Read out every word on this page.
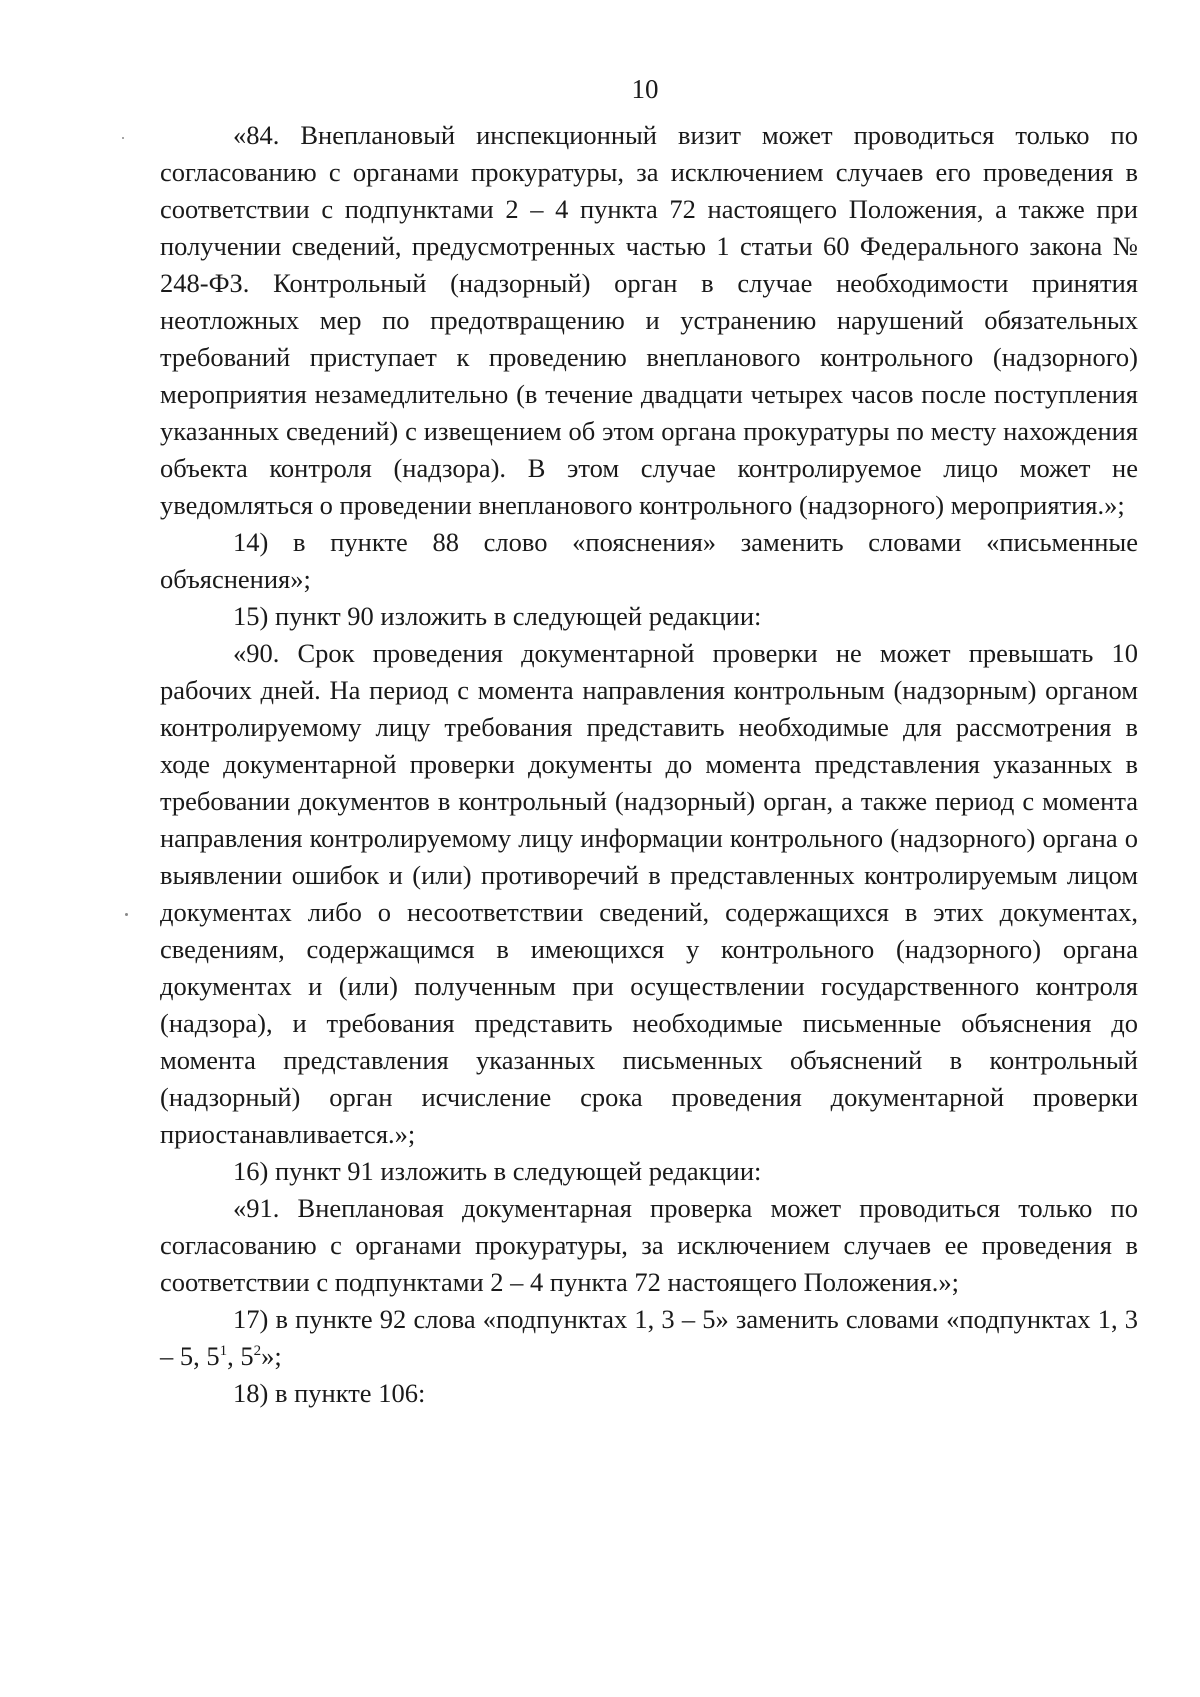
10

«84. Внеплановый инспекционный визит может проводиться только по согласованию с органами прокуратуры, за исключением случаев его проведения в соответствии с подпунктами 2 – 4 пункта 72 настоящего Положения, а также при получении сведений, предусмотренных частью 1 статьи 60 Федерального закона № 248-ФЗ. Контрольный (надзорный) орган в случае необходимости принятия неотложных мер по предотвращению и устранению нарушений обязательных требований приступает к проведению внепланового контрольного (надзорного) мероприятия незамедлительно (в течение двадцати четырех часов после поступления указанных сведений) с извещением об этом органа прокуратуры по месту нахождения объекта контроля (надзора). В этом случае контролируемое лицо может не уведомляться о проведении внепланового контрольного (надзорного) мероприятия.»;

14) в пункте 88 слово «пояснения» заменить словами «письменные объяснения»;

15) пункт 90 изложить в следующей редакции:

«90. Срок проведения документарной проверки не может превышать 10 рабочих дней. На период с момента направления контрольным (надзорным) органом контролируемому лицу требования представить необходимые для рассмотрения в ходе документарной проверки документы до момента представления указанных в требовании документов в контрольный (надзорный) орган, а также период с момента направления контролируемому лицу информации контрольного (надзорного) органа о выявлении ошибок и (или) противоречий в представленных контролируемым лицом документах либо о несоответствии сведений, содержащихся в этих документах, сведениям, содержащимся в имеющихся у контрольного (надзорного) органа документах и (или) полученным при осуществлении государственного контроля (надзора), и требования представить необходимые письменные объяснения до момента представления указанных письменных объяснений в контрольный (надзорный) орган исчисление срока проведения документарной проверки приостанавливается.»;

16) пункт 91 изложить в следующей редакции:

«91. Внеплановая документарная проверка может проводиться только по согласованию с органами прокуратуры, за исключением случаев ее проведения в соответствии с подпунктами 2 – 4 пункта 72 настоящего Положения.»;

17) в пункте 92 слова «подпунктах 1, 3 – 5» заменить словами «подпунктах 1, 3 – 5, $5^1$, $5^2$»;

18) в пункте 106:
